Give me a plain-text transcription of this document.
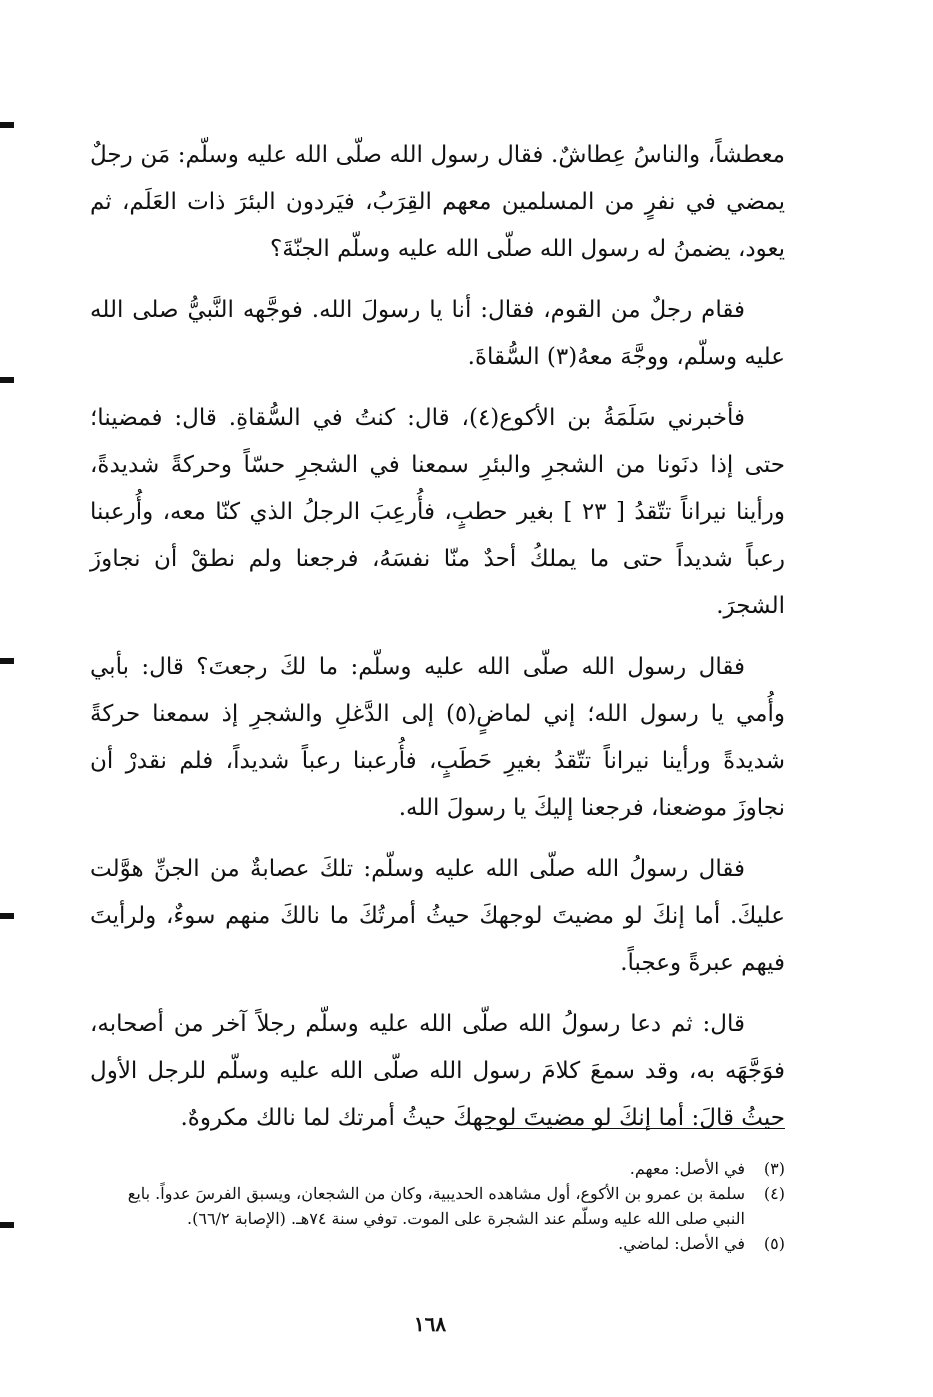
معطشاً، والناسُ عِطاشٌ. فقال رسول الله صلّى الله عليه وسلّم: مَن رجلٌ يمضي في نفرٍ من المسلمين معهم القِرَبُ، فيَردون البئرَ ذات العَلَم، ثم يعود، يضمنُ له رسول الله صلّى الله عليه وسلّم الجنّةَ؟

فقام رجلٌ من القوم، فقال: أنا يا رسولَ الله. فوجَّهه النَّبيُّ صلى الله عليه وسلّم، ووجَّهَ معهُ(٣) السُّقاةَ.

فأخبرني سَلَمَةُ بن الأكوع(٤)، قال: كنتُ في السُّقاةِ. قال: فمضينا؛ حتى إذا دنَونا من الشجرِ والبئرِ سمعنا في الشجرِ حسّاً وحركةً شديدةً، ورأينا نيراناً تتّقدُ [ ٢٣ ] بغير حطبٍ، فأُرعِبَ الرجلُ الذي كنّا معه، وأُرعبنا رعباً شديداً حتى ما يملكُ أحدٌ منّا نفسَهُ، فرجعنا ولم نطقْ أن نجاوزَ الشجرَ.

فقال رسول الله صلّى الله عليه وسلّم: ما لكَ رجعتَ؟ قال: بأبي وأُمي يا رسول الله؛ إني لماضٍ(٥) إلى الدَّغلِ والشجرِ إذ سمعنا حركةً شديدةً ورأينا نيراناً تتّقدُ بغيرِ حَطَبٍ، فأُرعبنا رعباً شديداً، فلم نقدرْ أن نجاوزَ موضعنا، فرجعنا إليكَ يا رسولَ الله.

فقال رسولُ الله صلّى الله عليه وسلّم: تلكَ عصابةٌ من الجنِّ هوَّلت عليكَ. أما إنكَ لو مضيتَ لوجهكَ حيثُ أمرتُكَ ما نالكَ منهم سوءٌ، ولرأيتَ فيهم عبرةً وعجباً.

قال: ثم دعا رسولُ الله صلّى الله عليه وسلّم رجلاً آخر من أصحابه، فوَجَّهَه به، وقد سمعَ كلامَ رسول الله صلّى الله عليه وسلّم للرجل الأول حيثُ قالَ: أما إنكَ لو مضيتَ لوجهكَ حيثُ أمرتك لما نالك مكروهٌ.

(٣)
في الأصل: معهم.
(٤)
سلمة بن عمرو بن الأكوع، أول مشاهده الحديبية، وكان من الشجعان، ويسبق الفرسَ عدواً. بايع النبي صلى الله عليه وسلّم عند الشجرة على الموت. توفي سنة ٧٤هـ. (الإصابة ٦٦/٢).
(٥)
في الأصل: لماضي.
١٦٨
